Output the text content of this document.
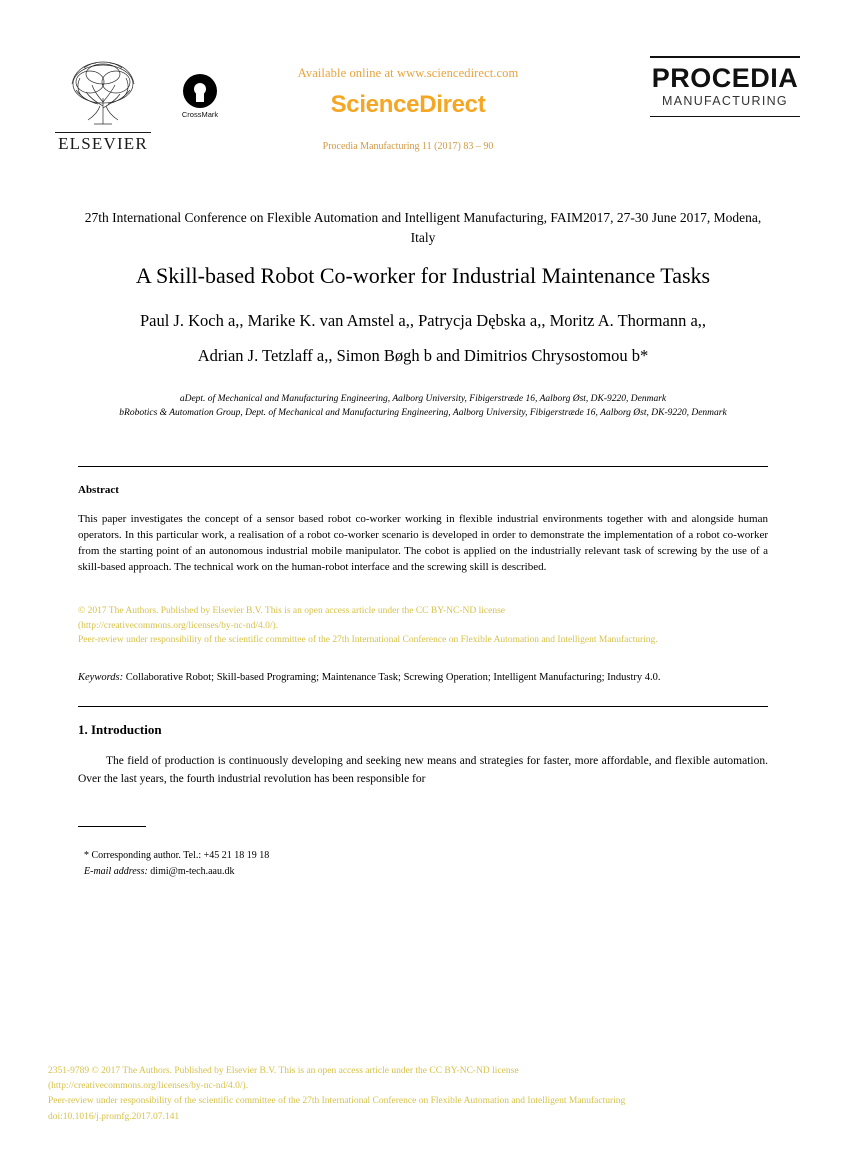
ELSEVIER
CrossMark
Available online at www.sciencedirect.com
ScienceDirect
Procedia Manufacturing 11 (2017) 83 – 90
PROCEDIA
MANUFACTURING
27th International Conference on Flexible Automation and Intelligent Manufacturing, FAIM2017, 27-30 June 2017, Modena, Italy
A Skill-based Robot Co-worker for Industrial Maintenance Tasks
Paul J. Koch a,, Marike K. van Amstel a,, Patrycja Dębska a,, Moritz A. Thormann a,,
Adrian J. Tetzlaff a,, Simon Bøgh b and Dimitrios Chrysostomou b*
aDept. of Mechanical and Manufacturing Engineering, Aalborg University, Fibigerstræde 16, Aalborg Øst, DK-9220, Denmark
bRobotics & Automation Group, Dept. of Mechanical and Manufacturing Engineering, Aalborg University, Fibigerstræde 16, Aalborg Øst, DK-9220, Denmark
Abstract
This paper investigates the concept of a sensor based robot co-worker working in flexible industrial environments together with and alongside human operators. In this particular work, a realisation of a robot co-worker scenario is developed in order to demonstrate the implementation of a robot co-worker from the starting point of an autonomous industrial mobile manipulator. The cobot is applied on the industrially relevant task of screwing by the use of a skill-based approach. The technical work on the human-robot interface and the screwing skill is described.
© 2017 The Authors. Published by Elsevier B.V. This is an open access article under the CC BY-NC-ND license
(http://creativecommons.org/licenses/by-nc-nd/4.0/).
Peer-review under responsibility of the scientific committee of the 27th International Conference on Flexible Automation and Intelligent Manufacturing.
Keywords: Collaborative Robot; Skill-based Programing; Maintenance Task; Screwing Operation; Intelligent Manufacturing; Industry 4.0.
1. Introduction
The field of production is continuously developing and seeking new means and strategies for faster, more affordable, and flexible automation. Over the last years, the fourth industrial revolution has been responsible for
* Corresponding author. Tel.: +45 21 18 19 18
E-mail address: dimi@m-tech.aau.dk
2351-9789 © 2017 The Authors. Published by Elsevier B.V. This is an open access article under the CC BY-NC-ND license
(http://creativecommons.org/licenses/by-nc-nd/4.0/).
Peer-review under responsibility of the scientific committee of the 27th International Conference on Flexible Automation and Intelligent Manufacturing
doi:10.1016/j.promfg.2017.07.141
